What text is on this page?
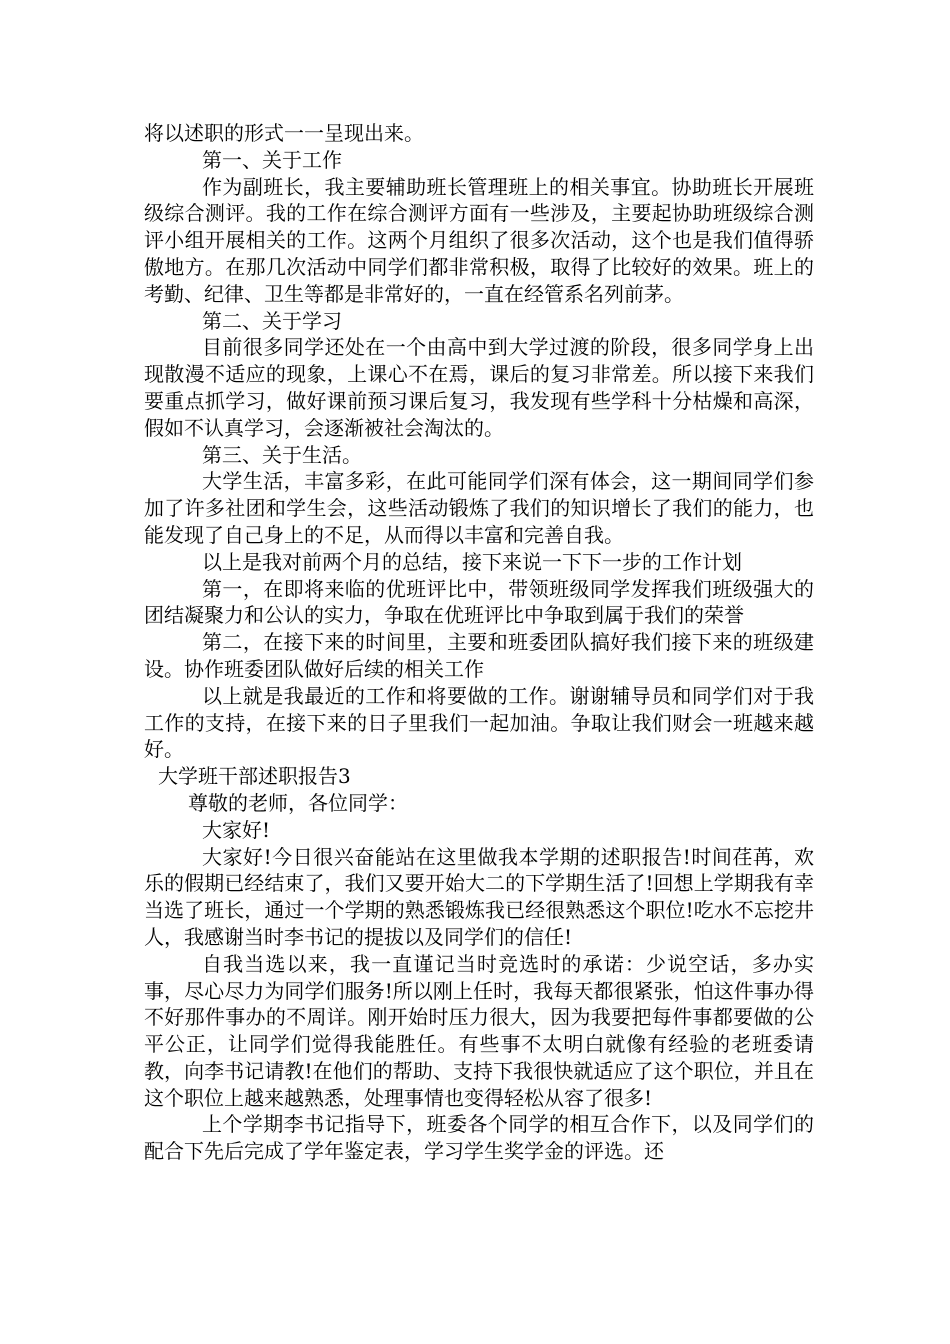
将以述职的形式一一呈现出来。

第一、关于工作

作为副班长，我主要辅助班长管理班上的相关事宜。协助班长开展班级综合测评。我的工作在综合测评方面有一些涉及，主要起协助班级综合测评小组开展相关的工作。这两个月组织了很多次活动，这个也是我们值得骄傲地方。在那几次活动中同学们都非常积极，取得了比较好的效果。班上的考勤、纪律、卫生等都是非常好的，一直在经管系名列前茅。

第二、关于学习

目前很多同学还处在一个由高中到大学过渡的阶段，很多同学身上出现散漫不适应的现象，上课心不在焉，课后的复习非常差。所以接下来我们要重点抓学习，做好课前预习课后复习，我发现有些学科十分枯燥和高深，假如不认真学习，会逐渐被社会淘汰的。

第三、关于生活。

大学生活，丰富多彩，在此可能同学们深有体会，这一期间同学们参加了许多社团和学生会，这些活动锻炼了我们的知识增长了我们的能力，也能发现了自己身上的不足，从而得以丰富和完善自我。

以上是我对前两个月的总结，接下来说一下下一步的工作计划

第一，在即将来临的优班评比中，带领班级同学发挥我们班级强大的团结凝聚力和公认的实力，争取在优班评比中争取到属于我们的荣誉

第二，在接下来的时间里，主要和班委团队搞好我们接下来的班级建设。协作班委团队做好后续的相关工作

以上就是我最近的工作和将要做的工作。谢谢辅导员和同学们对于我工作的支持，在接下来的日子里我们一起加油。争取让我们财会一班越来越好。

大学班干部述职报告3

尊敬的老师，各位同学：

大家好!

大家好!今日很兴奋能站在这里做我本学期的述职报告!时间荏苒，欢乐的假期已经结束了，我们又要开始大二的下学期生活了!回想上学期我有幸当选了班长，通过一个学期的熟悉锻炼我已经很熟悉这个职位!吃水不忘挖井人，我感谢当时李书记的提拔以及同学们的信任!

自我当选以来，我一直谨记当时竞选时的承诺：少说空话，多办实事，尽心尽力为同学们服务!所以刚上任时，我每天都很紧张，怕这件事办得不好那件事办的不周详。刚开始时压力很大，因为我要把每件事都要做的公平公正，让同学们觉得我能胜任。有些事不太明白就像有经验的老班委请教，向李书记请教!在他们的帮助、支持下我很快就适应了这个职位，并且在这个职位上越来越熟悉，处理事情也变得轻松从容了很多!

上个学期李书记指导下，班委各个同学的相互合作下，以及同学们的配合下先后完成了学年鉴定表，学习学生奖学金的评选。还
